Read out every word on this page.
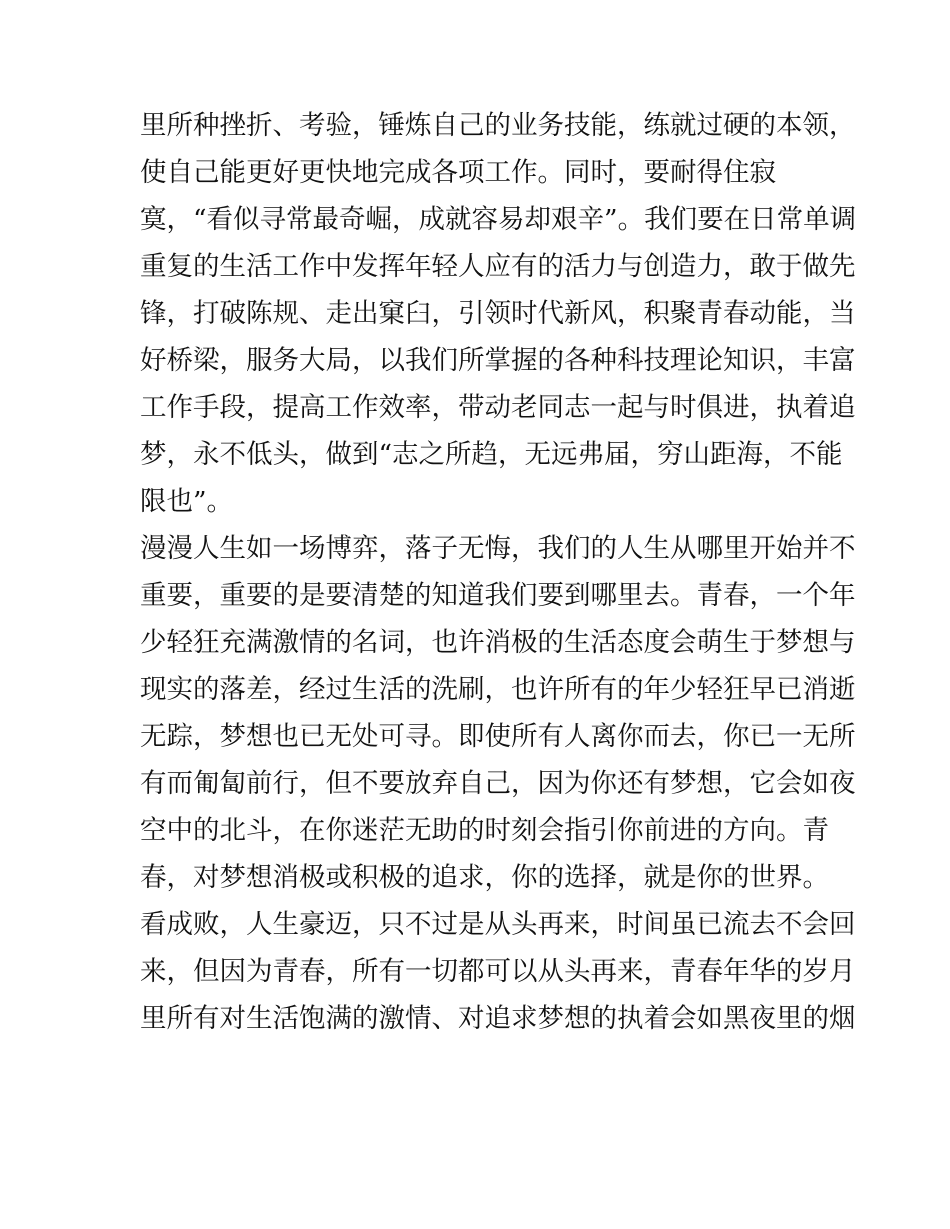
里所种挫折、考验，锤炼自己的业务技能，练就过硬的本领，
使自己能更好更快地完成各项工作。同时，要耐得住寂
寞，“看似寻常最奇崛，成就容易却艰辛”。我们要在日常单调
重复的生活工作中发挥年轻人应有的活力与创造力，敢于做先
锋，打破陈规、走出窠臼，引领时代新风，积聚青春动能，当
好桥梁，服务大局，以我们所掌握的各种科技理论知识，丰富
工作手段，提高工作效率，带动老同志一起与时俱进，执着追
梦，永不低头，做到“志之所趋，无远弗届，穷山距海，不能
限也”。
漫漫人生如一场博弈，落子无悔，我们的人生从哪里开始并不
重要，重要的是要清楚的知道我们要到哪里去。青春，一个年
少轻狂充满激情的名词，也许消极的生活态度会萌生于梦想与
现实的落差，经过生活的洗刷，也许所有的年少轻狂早已消逝
无踪，梦想也已无处可寻。即使所有人离你而去，你已一无所
有而匍匐前行，但不要放弃自己，因为你还有梦想，它会如夜
空中的北斗，在你迷茫无助的时刻会指引你前进的方向。青
春，对梦想消极或积极的追求，你的选择，就是你的世界。
看成败，人生豪迈，只不过是从头再来，时间虽已流去不会回
来，但因为青春，所有一切都可以从头再来，青春年华的岁月
里所有对生活饱满的激情、对追求梦想的执着会如黑夜里的烟
